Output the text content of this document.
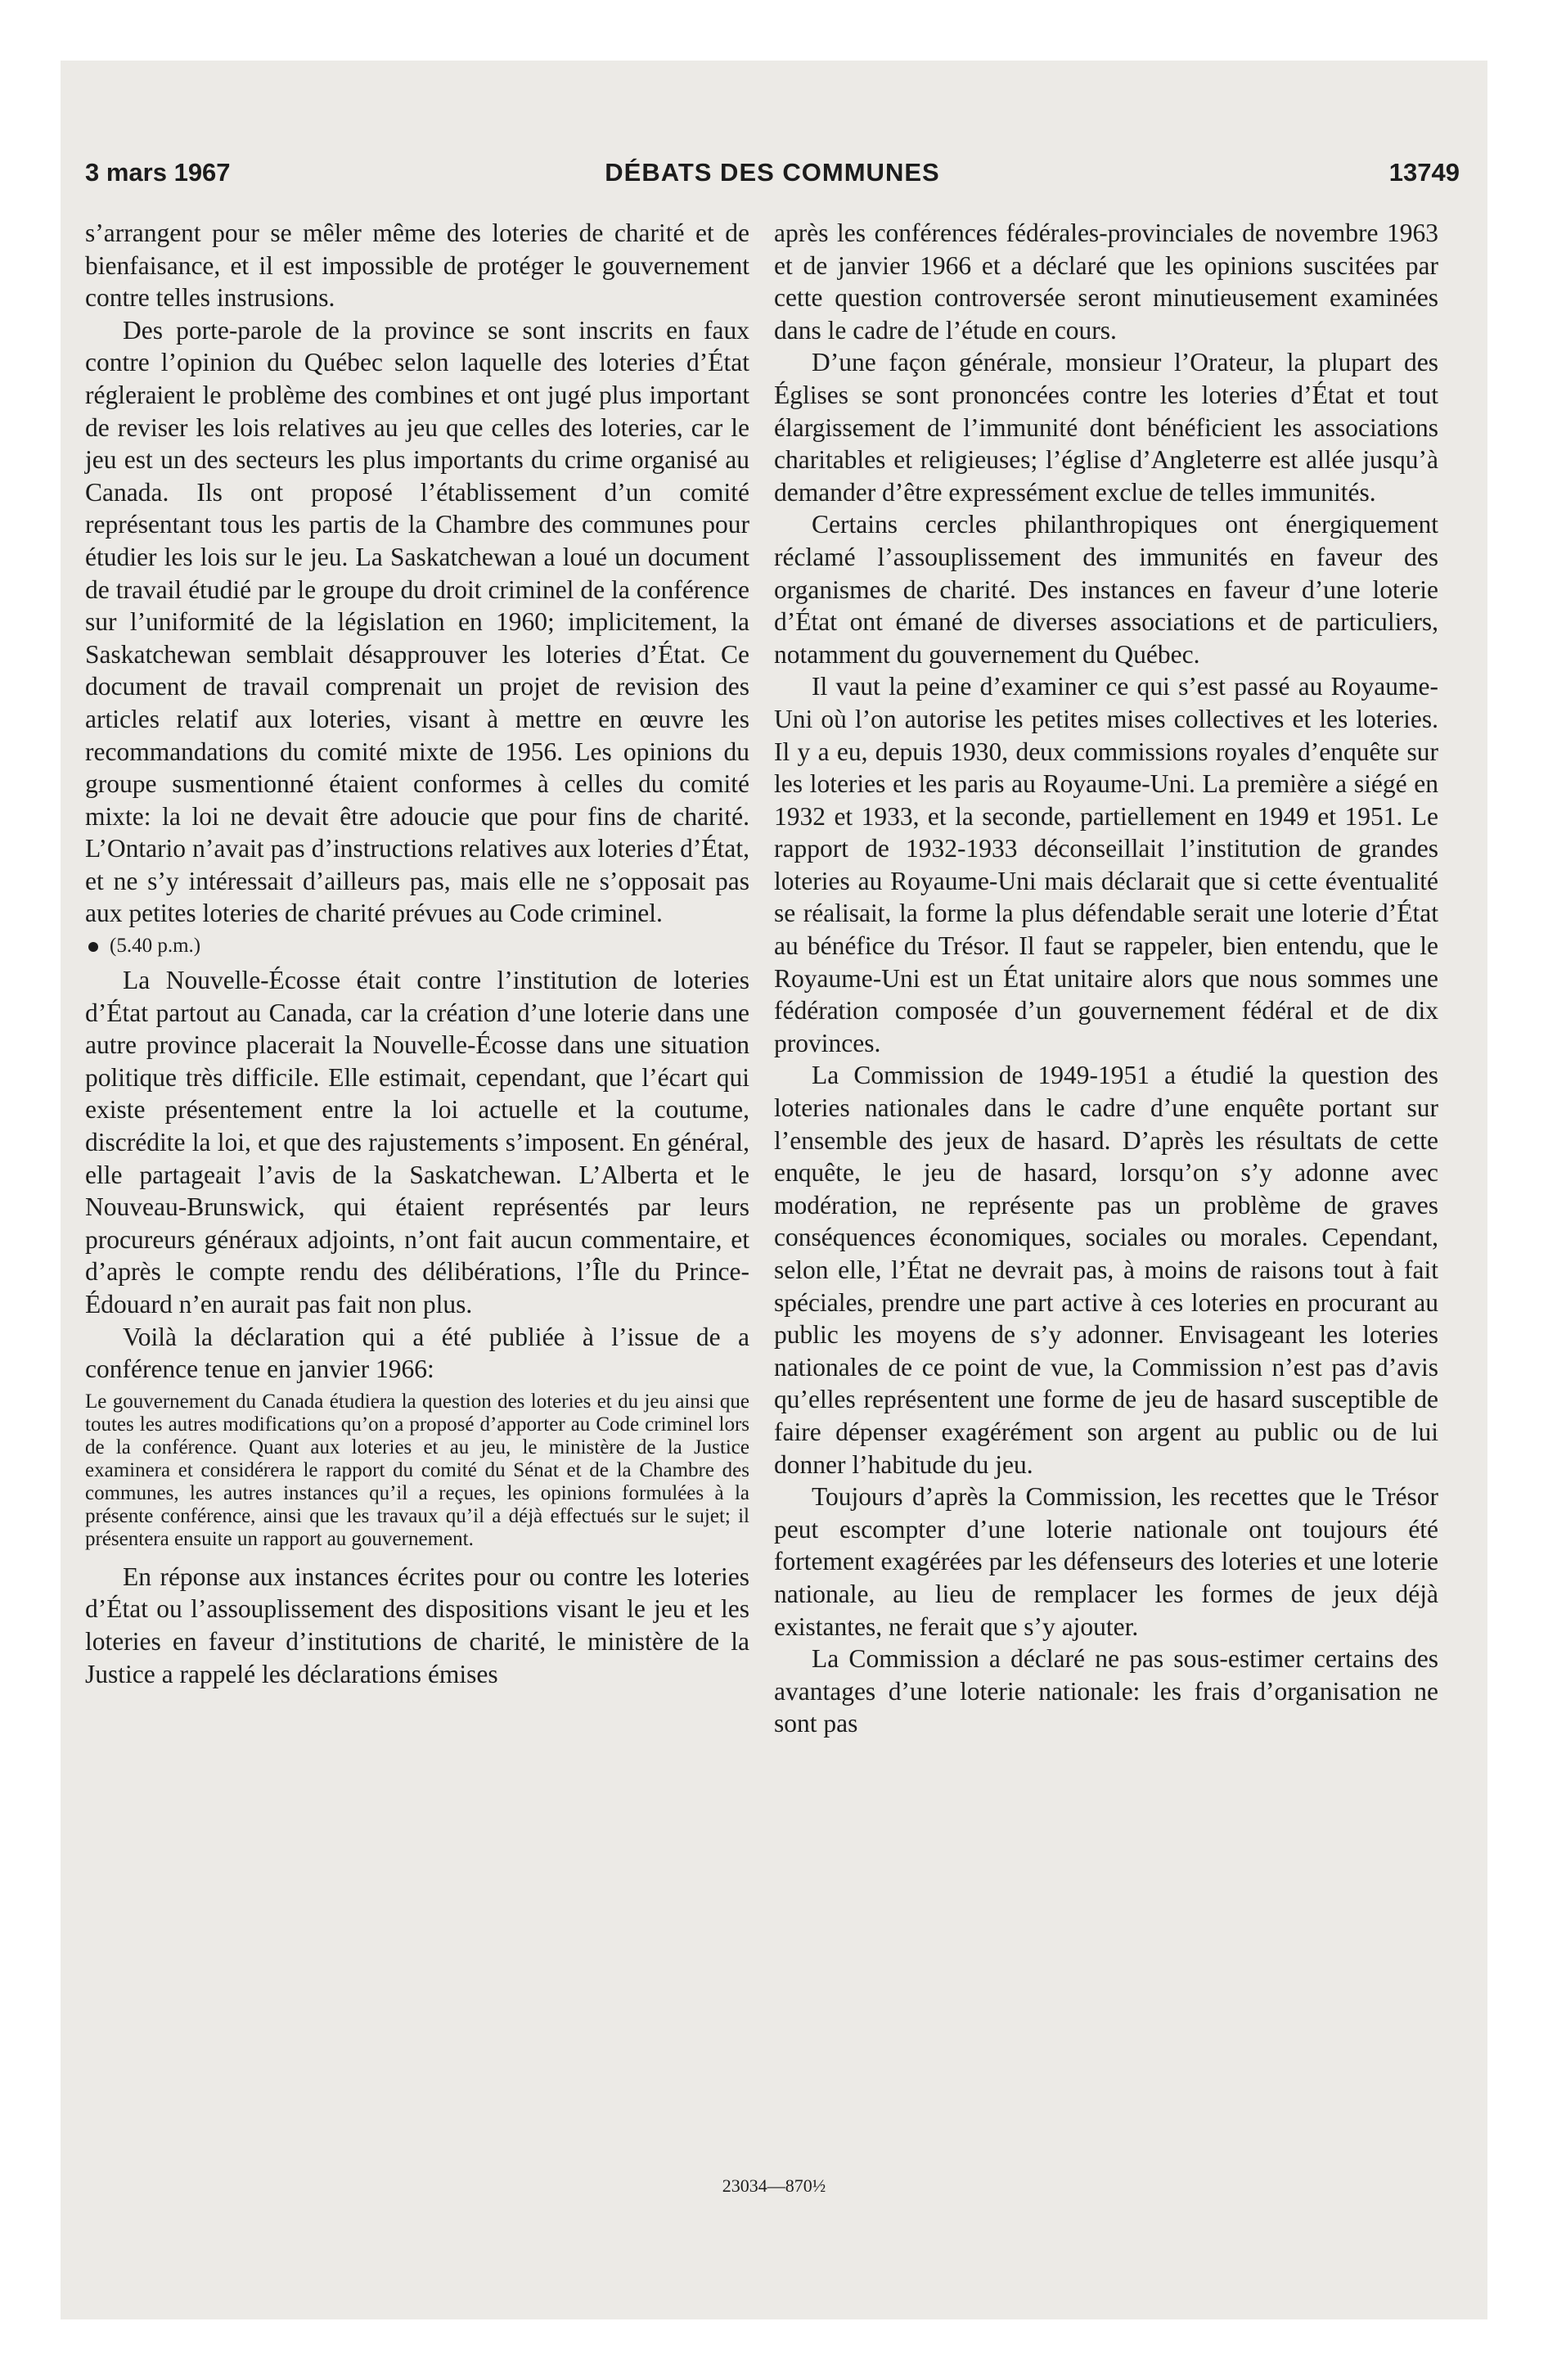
3 mars 1967	DÉBATS DES COMMUNES	13749

s’arrangent pour se mêler même des loteries de charité et de bienfaisance, et il est impossible de protéger le gouvernement contre telles instrusions.

Des porte-parole de la province se sont inscrits en faux contre l’opinion du Québec selon laquelle des loteries d’État régleraient le problème des combines et ont jugé plus important de reviser les lois relatives au jeu que celles des loteries, car le jeu est un des secteurs les plus importants du crime organisé au Canada. Ils ont proposé l’établissement d’un comité représentant tous les partis de la Chambre des communes pour étudier les lois sur le jeu. La Saskatchewan a loué un document de travail étudié par le groupe du droit criminel de la conférence sur l’uniformité de la législation en 1960; implicitement, la Saskatchewan semblait désapprouver les loteries d’État. Ce document de travail comprenait un projet de revision des articles relatif aux loteries, visant à mettre en œuvre les recommandations du comité mixte de 1956. Les opinions du groupe susmentionné étaient conformes à celles du comité mixte: la loi ne devait être adoucie que pour fins de charité. L’Ontario n’avait pas d’instructions relatives aux loteries d’État, et ne s’y intéressait d’ailleurs pas, mais elle ne s’opposait pas aux petites loteries de charité prévues au Code criminel.

(5.40 p.m.)

La Nouvelle-Écosse était contre l’institution de loteries d’État partout au Canada, car la création d’une loterie dans une autre province placerait la Nouvelle-Écosse dans une situation politique très difficile. Elle estimait, cependant, que l’écart qui existe présentement entre la loi actuelle et la coutume, discrédite la loi, et que des rajustements s’imposent. En général, elle partageait l’avis de la Saskatchewan. L’Alberta et le Nouveau-Brunswick, qui étaient représentés par leurs procureurs généraux adjoints, n’ont fait aucun commentaire, et d’après le compte rendu des délibérations, l’Île du Prince-Édouard n’en aurait pas fait non plus.

Voilà la déclaration qui a été publiée à l’issue de a conférence tenue en janvier 1966:

Le gouvernement du Canada étudiera la question des loteries et du jeu ainsi que toutes les autres modifications qu’on a proposé d’apporter au Code criminel lors de la conférence. Quant aux loteries et au jeu, le ministère de la Justice examinera et considérera le rapport du comité du Sénat et de la Chambre des communes, les autres instances qu’il a reçues, les opinions formulées à la présente conférence, ainsi que les travaux qu’il a déjà effectués sur le sujet; il présentera ensuite un rapport au gouvernement.

En réponse aux instances écrites pour ou contre les loteries d’État ou l’assouplissement des dispositions visant le jeu et les loteries en faveur d’institutions de charité, le ministère de la Justice a rappelé les déclarations émises

après les conférences fédérales-provinciales de novembre 1963 et de janvier 1966 et a déclaré que les opinions suscitées par cette question controversée seront minutieusement examinées dans le cadre de l’étude en cours.

D’une façon générale, monsieur l’Orateur, la plupart des Églises se sont prononcées contre les loteries d’État et tout élargissement de l’immunité dont bénéficient les associations charitables et religieuses; l’église d’Angleterre est allée jusqu’à demander d’être expressément exclue de telles immunités.

Certains cercles philanthropiques ont énergiquement réclamé l’assouplissement des immunités en faveur des organismes de charité. Des instances en faveur d’une loterie d’État ont émané de diverses associations et de particuliers, notamment du gouvernement du Québec.

Il vaut la peine d’examiner ce qui s’est passé au Royaume-Uni où l’on autorise les petites mises collectives et les loteries. Il y a eu, depuis 1930, deux commissions royales d’enquête sur les loteries et les paris au Royaume-Uni. La première a siégé en 1932 et 1933, et la seconde, partiellement en 1949 et 1951. Le rapport de 1932-1933 déconseillait l’institution de grandes loteries au Royaume-Uni mais déclarait que si cette éventualité se réalisait, la forme la plus défendable serait une loterie d’État au bénéfice du Trésor. Il faut se rappeler, bien entendu, que le Royaume-Uni est un État unitaire alors que nous sommes une fédération composée d’un gouvernement fédéral et de dix provinces.

La Commission de 1949-1951 a étudié la question des loteries nationales dans le cadre d’une enquête portant sur l’ensemble des jeux de hasard. D’après les résultats de cette enquête, le jeu de hasard, lorsqu’on s’y adonne avec modération, ne représente pas un problème de graves conséquences économiques, sociales ou morales. Cependant, selon elle, l’État ne devrait pas, à moins de raisons tout à fait spéciales, prendre une part active à ces loteries en procurant au public les moyens de s’y adonner. Envisageant les loteries nationales de ce point de vue, la Commission n’est pas d’avis qu’elles représentent une forme de jeu de hasard susceptible de faire dépenser exagérément son argent au public ou de lui donner l’habitude du jeu.

Toujours d’après la Commission, les recettes que le Trésor peut escompter d’une loterie nationale ont toujours été fortement exagérées par les défenseurs des loteries et une loterie nationale, au lieu de remplacer les formes de jeux déjà existantes, ne ferait que s’y ajouter.

La Commission a déclaré ne pas sous-estimer certains des avantages d’une loterie nationale: les frais d’organisation ne sont pas

23034—870½
